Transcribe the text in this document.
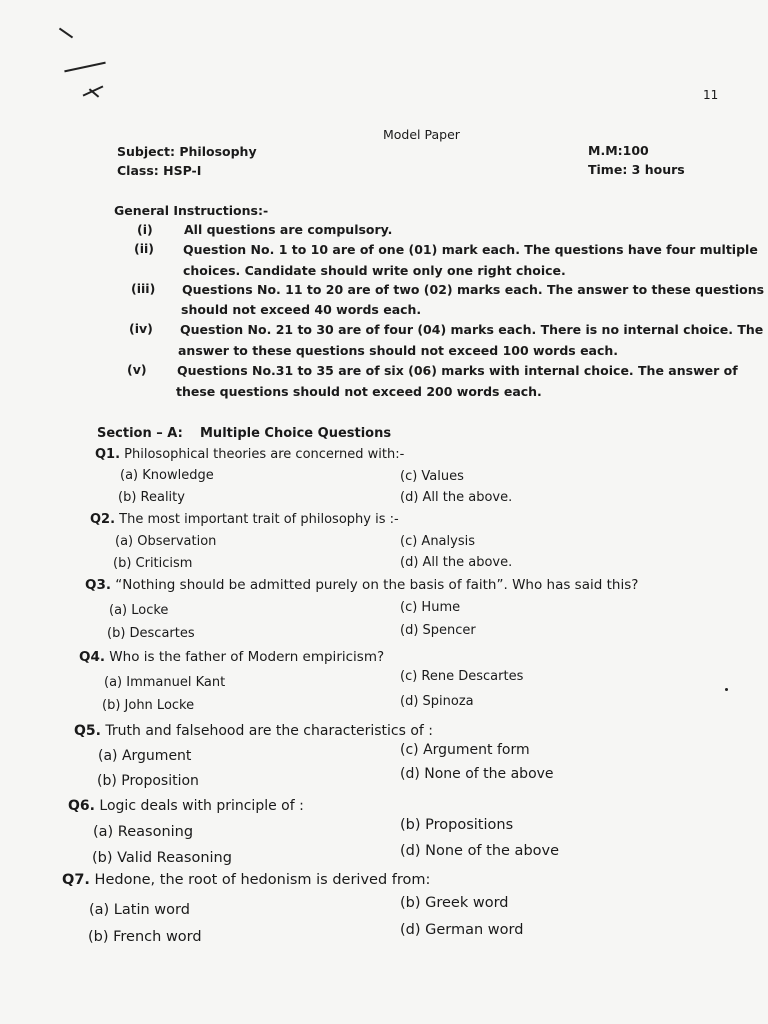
11
Model Paper
Subject: Philosophy
Class: HSP-I
M.M:100
Time: 3 hours
General Instructions:-
(i)	All questions are compulsory.
(ii) Question No. 1 to 10 are of one (01) mark each. The questions have four multiple
choices. Candidate should write only one right choice.
(iii) Questions No. 11 to 20 are of two (02) marks each. The answer to these questions
should not exceed 40 words each.
(iv) Question No. 21 to 30 are of four (04) marks each. There is no internal choice. The
answer to these questions should not exceed 100 words each.
(v) Questions No.31 to 35 are of six (06) marks with internal choice. The answer of
these questions should not exceed 200 words each.
Section – A: Multiple Choice Questions
Q1. Philosophical theories are concerned with:-
(a) Knowledge
(b) Reality
(c) Values
(d) All the above.
Q2. The most important trait of philosophy is :-
(a) Observation
(b) Criticism
(c) Analysis
(d) All the above.
Q3. “Nothing should be admitted purely on the basis of faith”. Who has said this?
(a) Locke
(b) Descartes
(c) Hume
(d) Spencer
Q4. Who is the father of Modern empiricism?
(a) Immanuel Kant
(b) John Locke
(c) Rene Descartes
(d) Spinoza
Q5. Truth and falsehood are the characteristics of :
(a) Argument
(b) Proposition
(c) Argument form
(d) None of the above
Q6. Logic deals with principle of :
(a) Reasoning
(b) Valid Reasoning
(b) Propositions
(d) None of the above
Q7. Hedone, the root of hedonism is derived from:
(a) Latin word
(b) French word
(b) Greek word
(d) German word
